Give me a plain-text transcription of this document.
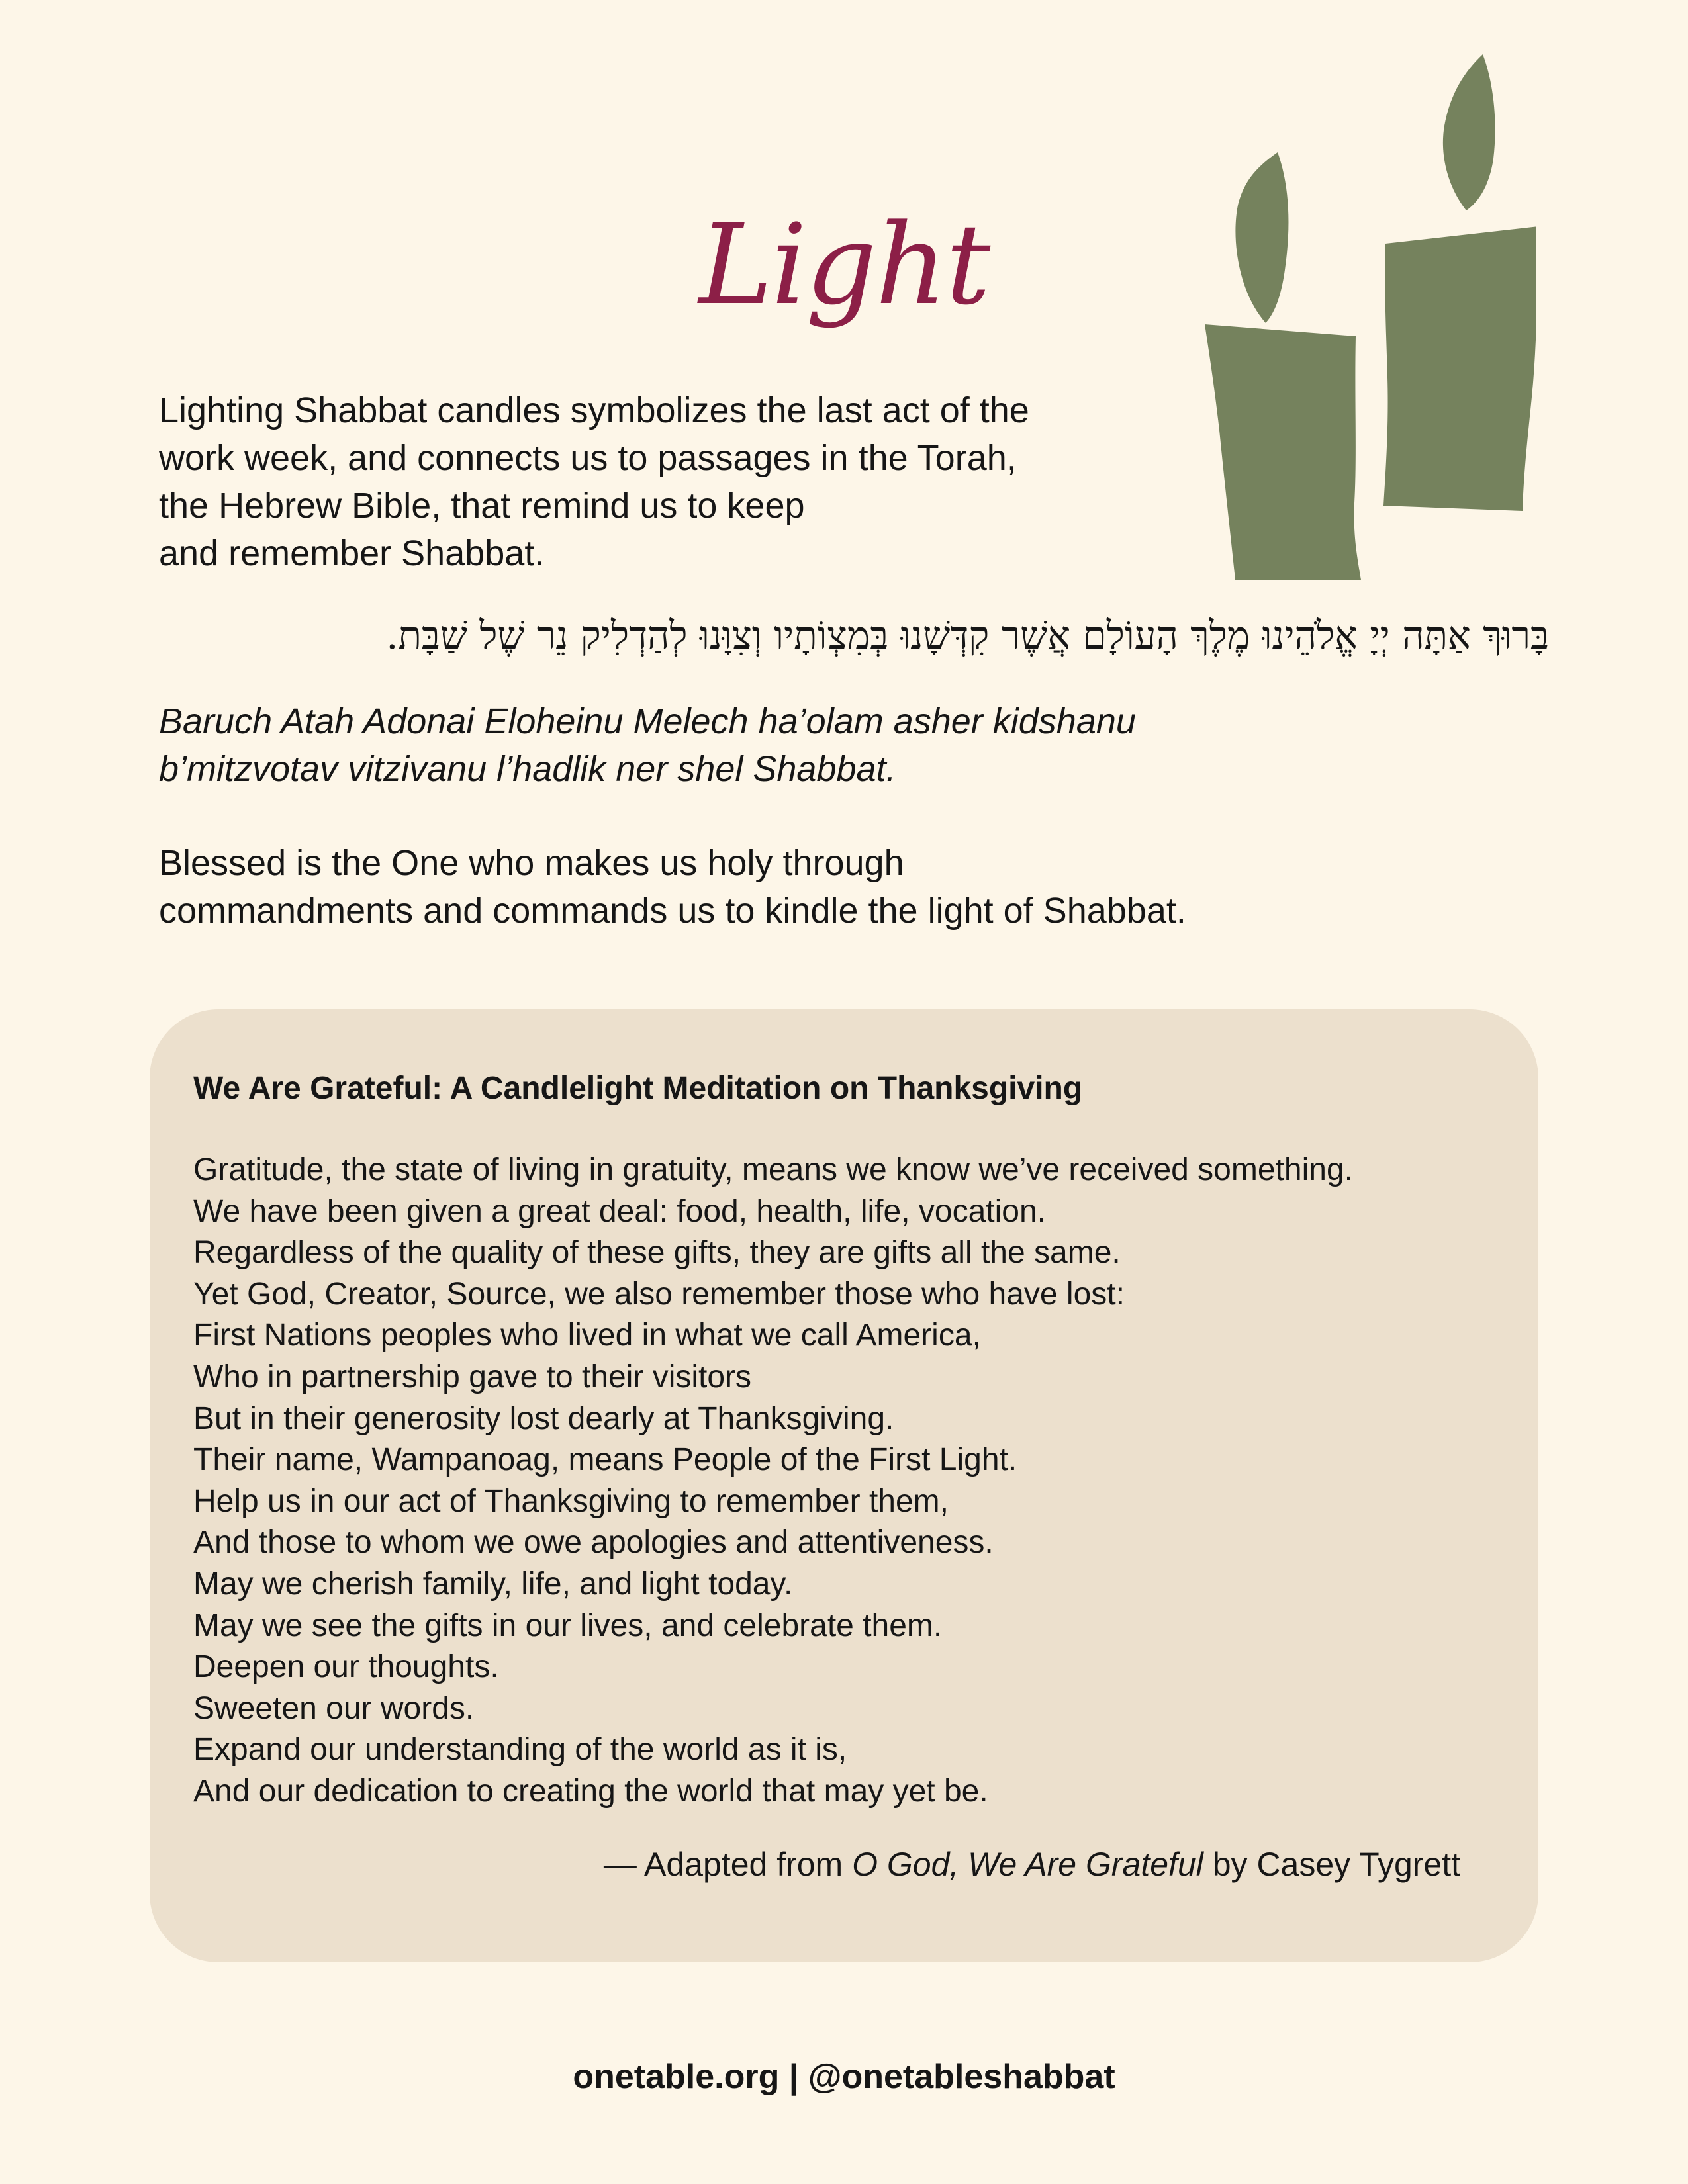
Light
Lighting Shabbat candles symbolizes the last act of the
work week, and connects us to passages in the Torah,
the Hebrew Bible, that remind us to keep
and remember Shabbat.
בָּרוּךְ אַתָּה יְיָ אֱלֹהֵינוּ מֶלֶךְ הָעוֹלָם אֲשֶׁר קִדְּשָׁנוּ בְּמִצְוֹתָיו וְצִוָּנוּ לְהַדְלִיק נֵר שֶׁל שַׁבָּת.
Baruch Atah Adonai Eloheinu Melech ha’olam asher kidshanu
b’mitzvotav vitzivanu l’hadlik ner shel Shabbat.
Blessed is the One who makes us holy through
commandments and commands us to kindle the light of Shabbat.
We Are Grateful: A Candlelight Meditation on Thanksgiving
Gratitude, the state of living in gratuity, means we know we’ve received something.
We have been given a great deal: food, health, life, vocation.
Regardless of the quality of these gifts, they are gifts all the same.
Yet God, Creator, Source, we also remember those who have lost:
First Nations peoples who lived in what we call America,
Who in partnership gave to their visitors
But in their generosity lost dearly at Thanksgiving.
Their name, Wampanoag, means People of the First Light.
Help us in our act of Thanksgiving to remember them,
And those to whom we owe apologies and attentiveness.
May we cherish family, life, and light today.
May we see the gifts in our lives, and celebrate them.
Deepen our thoughts.
Sweeten our words.
Expand our understanding of the world as it is,
And our dedication to creating the world that may yet be.
— Adapted from O God, We Are Grateful by Casey Tygrett
onetable.org | @onetableshabbat
